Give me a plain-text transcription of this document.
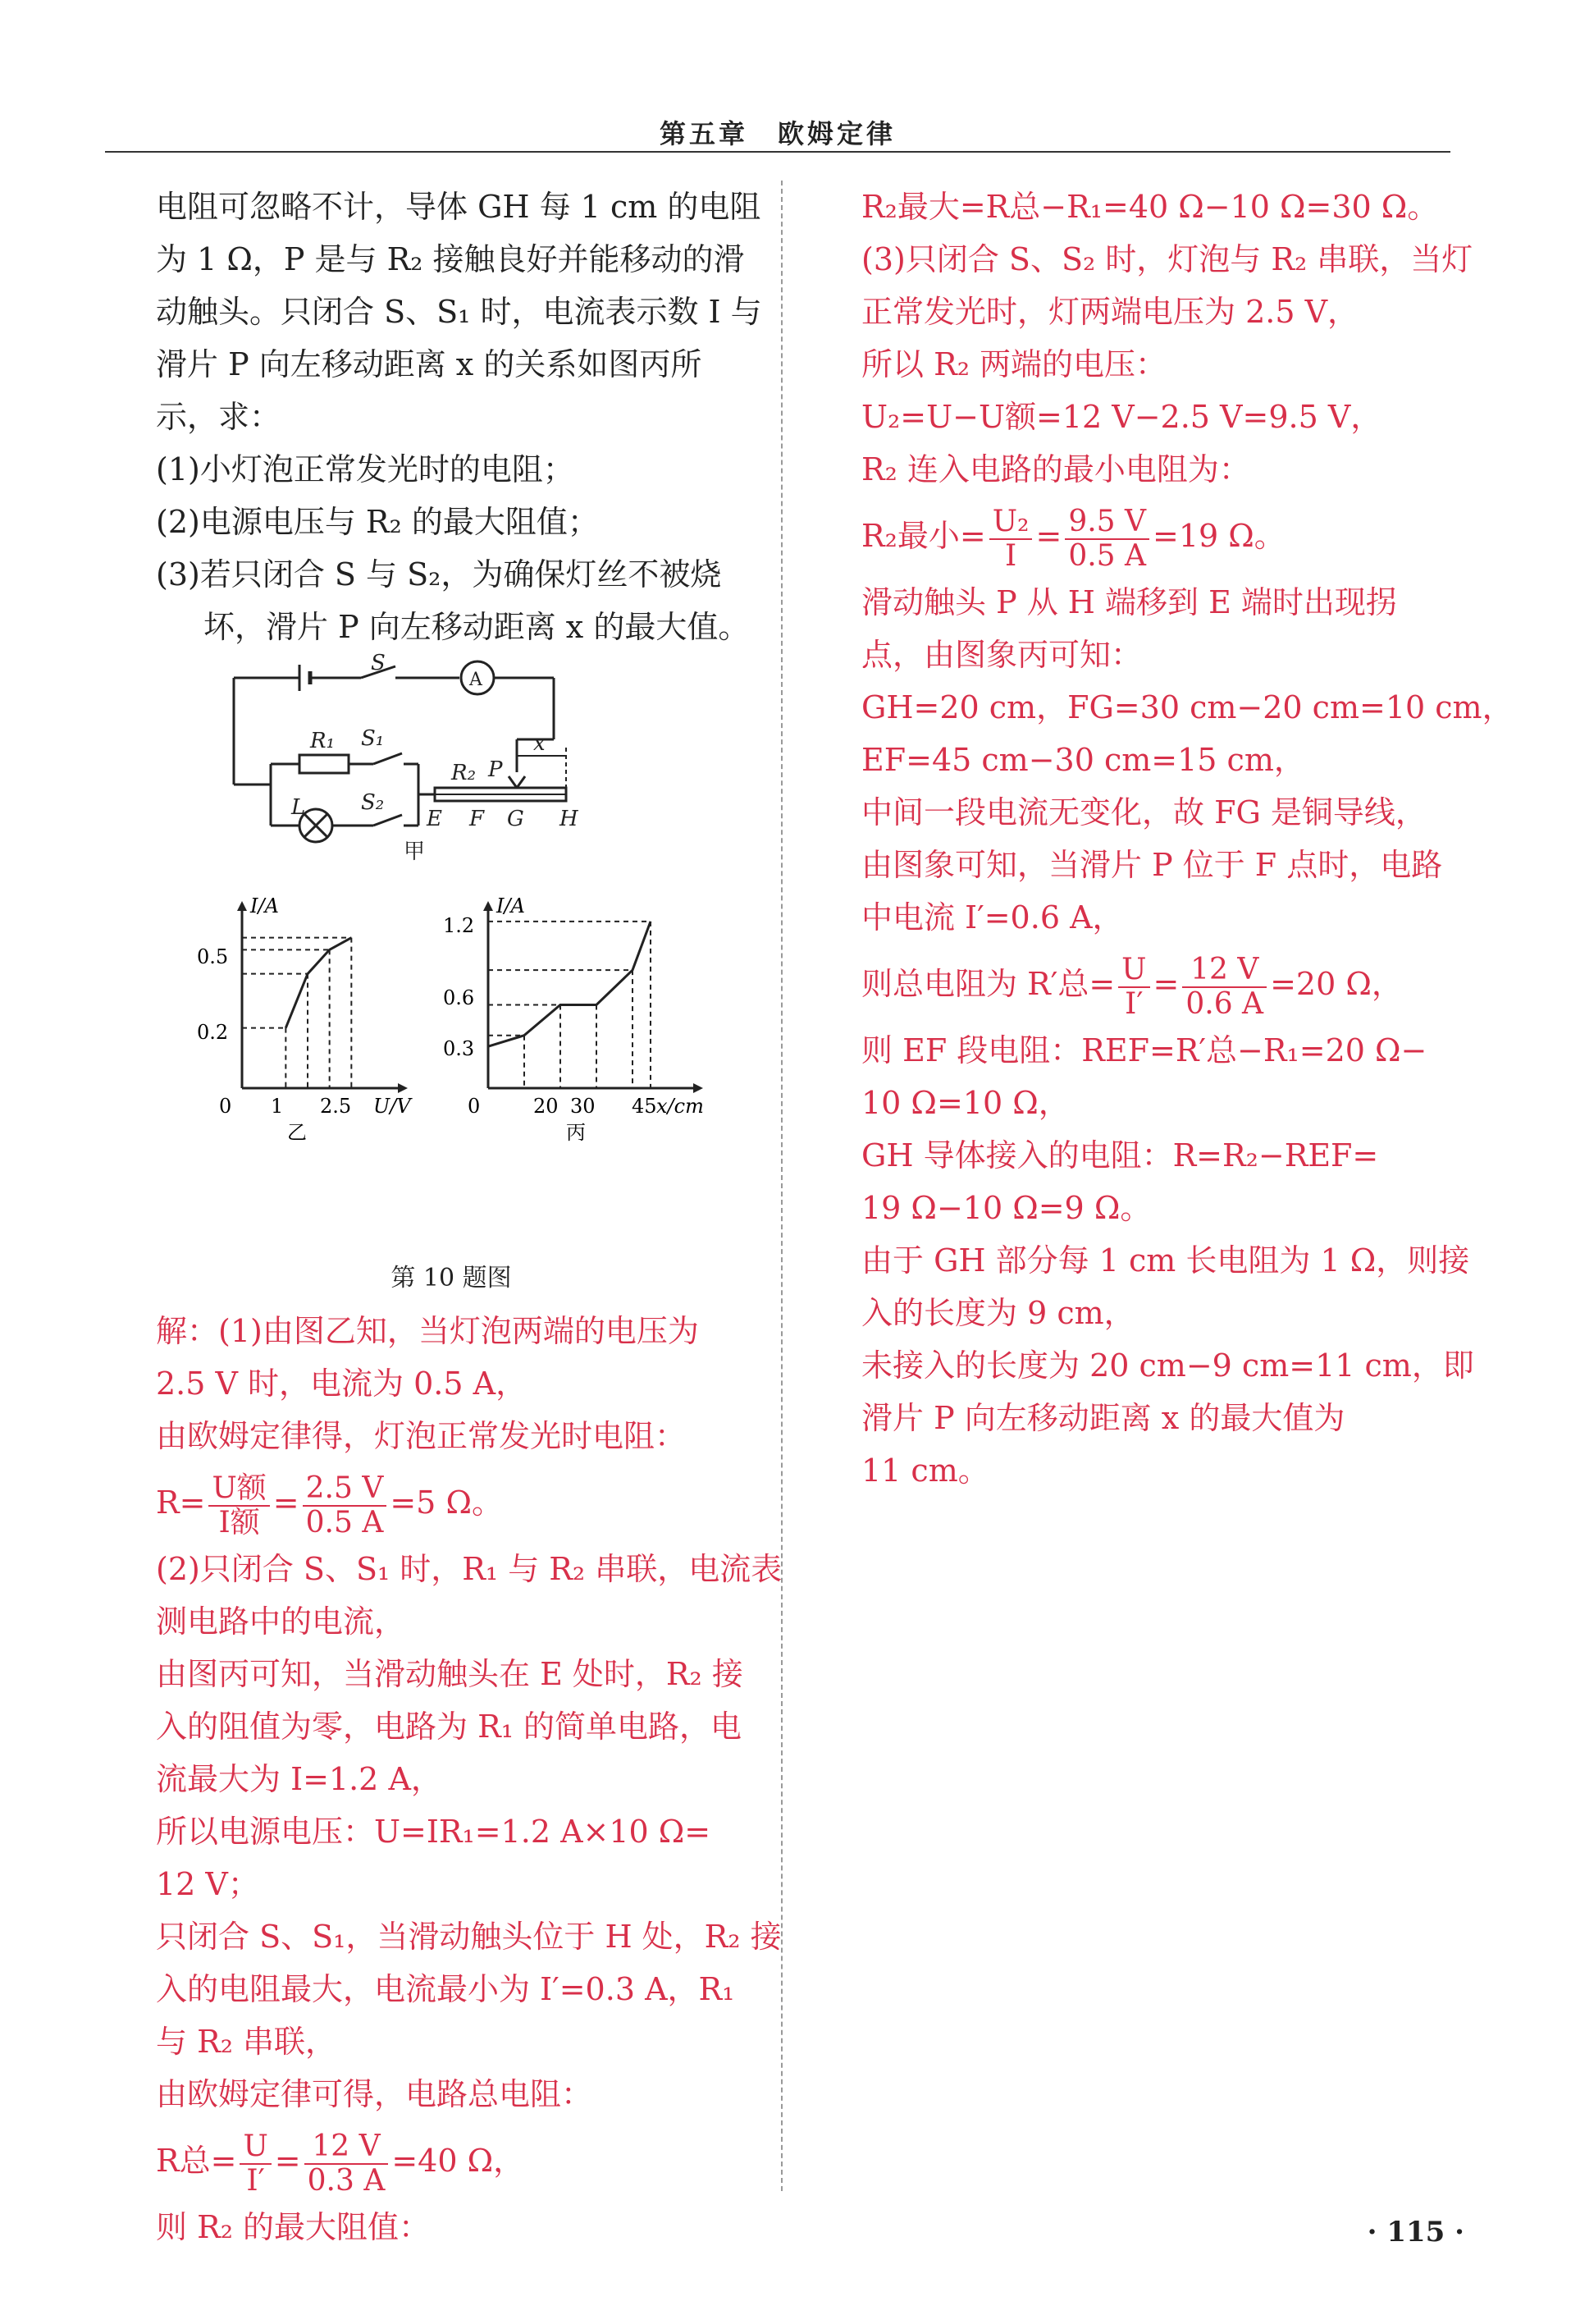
第五章　欧姆定律
电阻可忽略不计，导体 GH 每 1 cm 的电阻
为 1 Ω，P 是与 R₂ 接触良好并能移动的滑
动触头。只闭合 S、S₁ 时，电流表示数 I 与
滑片 P 向左移动距离 x 的关系如图丙所
示，求：
(1)小灯泡正常发光时的电阻；
(2)电源电压与 R₂ 的最大阻值；
(3)若只闭合 S 与 S₂，为确保灯丝不被烧
坏，滑片 P 向左移动距离 x 的最大值。
S
A
R₁ S₁
L	S₂
R₂ P
x
E F G H
甲
I/A
U/V
0
0.2
0.5
1 2.5
乙
I/A
x/cm
0
0.3
0.6
1.2
20 30 45
丙
第 10 题图
解：(1)由图乙知，当灯泡两端的电压为
2.5 V 时，电流为 0.5 A，
由欧姆定律得，灯泡正常发光时电阻：
$R= \frac{\text{U额}}{\text{I额}} = \frac{2.5 V}{0.5 A} =5$ Ω。
(2)只闭合 S、S₁ 时，R₁ 与 R₂ 串联，电流表
测电路中的电流，
由图丙可知，当滑动触头在 E 处时，R₂ 接
入的阻值为零，电路为 R₁ 的简单电路，电
流最大为 I=1.2 A，
所以电源电压：U=IR₁=1.2 A×10 Ω=
12 V；
只闭合 S、S₁，当滑动触头位于 H 处，R₂ 接
入的电阻最大，电流最小为 I′=0.3 A，R₁
与 R₂ 串联，
由欧姆定律可得，电路总电阻：
R总= $\frac{U}{I'} = \frac{12 V}{0.3 A} =40$ Ω，
则 R₂ 的最大阻值：
R₂最大=R总−R₁=40 Ω−10 Ω=30 Ω。
(3)只闭合 S、S₂ 时，灯泡与 R₂ 串联，当灯
正常发光时，灯两端电压为 2.5 V，
所以 R₂ 两端的电压：
U₂=U−U额=12 V−2.5 V=9.5 V，
R₂ 连入电路的最小电阻为：
R₂最小= $\frac{\text{U₂}}{I} = \frac{9.5 V}{0.5 A} =19$ Ω。
滑动触头 P 从 H 端移到 E 端时出现拐
点，由图象丙可知：
GH=20 cm，FG=30 cm−20 cm=10 cm，
EF=45 cm−30 cm=15 cm，
中间一段电流无变化，故 FG 是铜导线，
由图象可知，当滑片 P 位于 F 点时，电路
中电流 I′=0.6 A，
则总电阻为 R′总= $\frac{U}{I'} = \frac{12 V}{0.6 A} =20$ Ω，
则 EF 段电阻：REF=R′总−R₁=20 Ω−
10 Ω=10 Ω，
GH 导体接入的电阻：R=R₂−REF=
19 Ω−10 Ω=9 Ω。
由于 GH 部分每 1 cm 长电阻为 1 Ω，则接
入的长度为 9 cm，
未接入的长度为 20 cm−9 cm=11 cm，即
滑片 P 向左移动距离 x 的最大值为
11 cm。
· 115 ·
